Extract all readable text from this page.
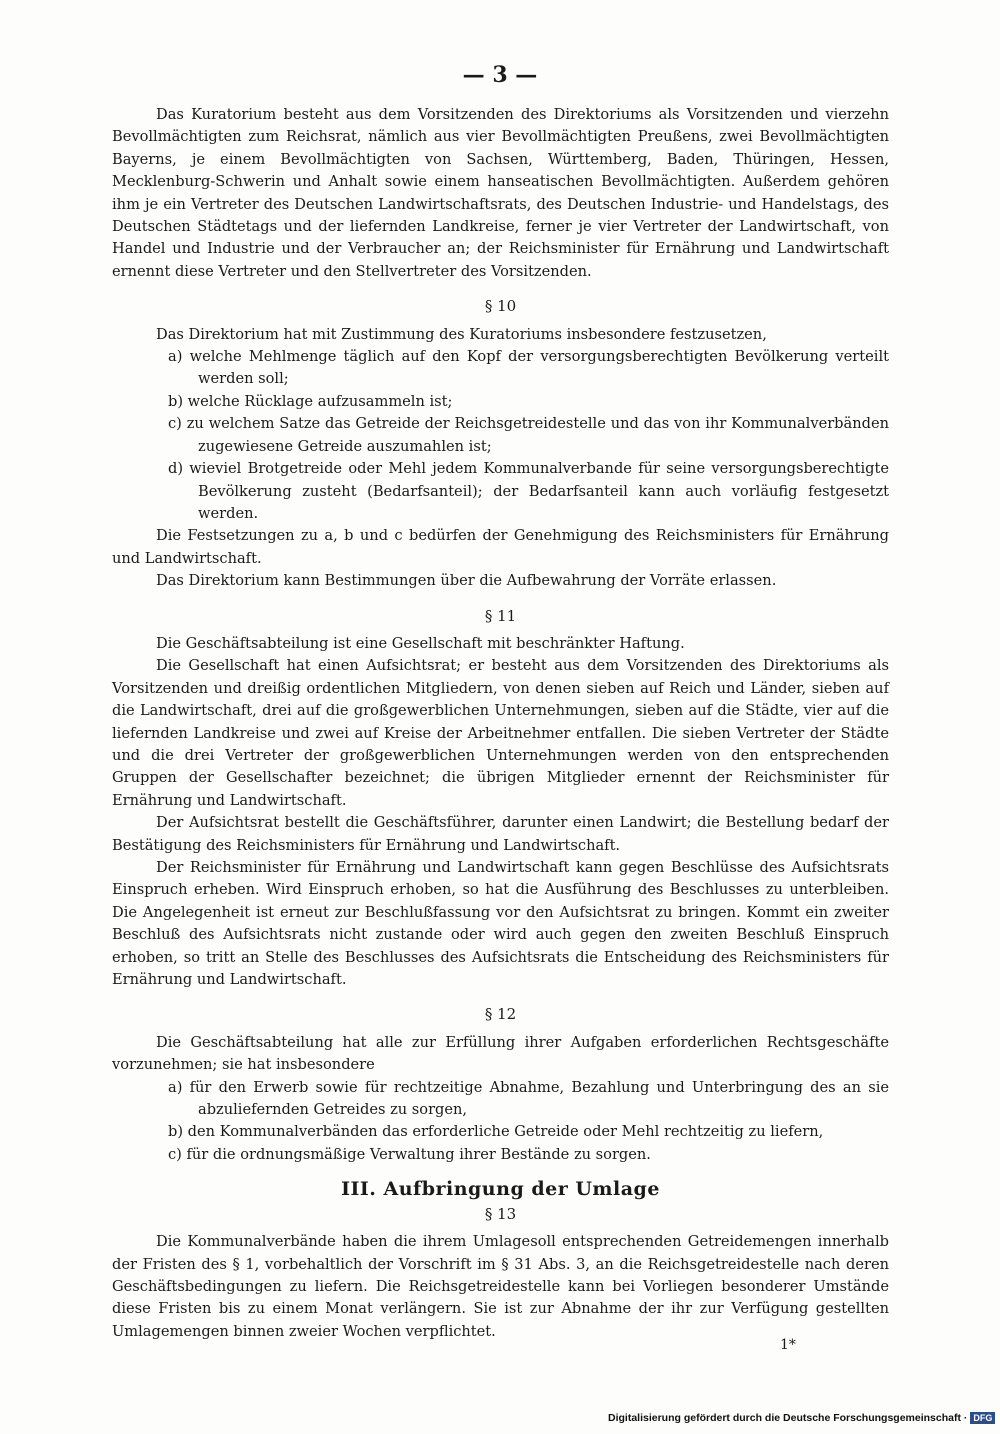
— 3 —

Das Kuratorium besteht aus dem Vorsitzenden des Direktoriums als Vorsitzenden und vierzehn Bevollmächtigten zum Reichsrat, nämlich aus vier Bevollmächtigten Preußens, zwei Bevollmächtigten Bayerns, je einem Bevollmächtigten von Sachsen, Württemberg, Baden, Thüringen, Hessen, Mecklenburg-Schwerin und Anhalt sowie einem hanseatischen Bevollmächtigten. Außerdem gehören ihm je ein Vertreter des Deutschen Landwirtschaftsrats, des Deutschen Industrie- und Handelstags, des Deutschen Städtetags und der liefernden Landkreise, ferner je vier Vertreter der Landwirtschaft, von Handel und Industrie und der Verbraucher an; der Reichsminister für Ernährung und Landwirtschaft ernennt diese Vertreter und den Stellvertreter des Vorsitzenden.

§ 10

Das Direktorium hat mit Zustimmung des Kuratoriums insbesondere festzusetzen,

a) welche Mehlmenge täglich auf den Kopf der versorgungsberechtigten Bevölkerung verteilt werden soll;

b) welche Rücklage aufzusammeln ist;

c) zu welchem Satze das Getreide der Reichsgetreidestelle und das von ihr Kommunalverbänden zugewiesene Getreide auszumahlen ist;

d) wieviel Brotgetreide oder Mehl jedem Kommunalverbande für seine versorgungsberechtigte Bevölkerung zusteht (Bedarfsanteil); der Bedarfsanteil kann auch vorläufig festgesetzt werden.

Die Festsetzungen zu a, b und c bedürfen der Genehmigung des Reichsministers für Ernährung und Landwirtschaft.

Das Direktorium kann Bestimmungen über die Aufbewahrung der Vorräte erlassen.

§ 11

Die Geschäftsabteilung ist eine Gesellschaft mit beschränkter Haftung.

Die Gesellschaft hat einen Aufsichtsrat; er besteht aus dem Vorsitzenden des Direktoriums als Vorsitzenden und dreißig ordentlichen Mitgliedern, von denen sieben auf Reich und Länder, sieben auf die Landwirtschaft, drei auf die großgewerblichen Unternehmungen, sieben auf die Städte, vier auf die liefernden Landkreise und zwei auf Kreise der Arbeitnehmer entfallen. Die sieben Vertreter der Städte und die drei Vertreter der großgewerblichen Unternehmungen werden von den entsprechenden Gruppen der Gesellschafter bezeichnet; die übrigen Mitglieder ernennt der Reichsminister für Ernährung und Landwirtschaft.

Der Aufsichtsrat bestellt die Geschäftsführer, darunter einen Landwirt; die Bestellung bedarf der Bestätigung des Reichsministers für Ernährung und Landwirtschaft.

Der Reichsminister für Ernährung und Landwirtschaft kann gegen Beschlüsse des Aufsichtsrats Einspruch erheben. Wird Einspruch erhoben, so hat die Ausführung des Beschlusses zu unterbleiben. Die Angelegenheit ist erneut zur Beschlußfassung vor den Aufsichtsrat zu bringen. Kommt ein zweiter Beschluß des Aufsichtsrats nicht zustande oder wird auch gegen den zweiten Beschluß Einspruch erhoben, so tritt an Stelle des Beschlusses des Aufsichtsrats die Entscheidung des Reichsministers für Ernährung und Landwirtschaft.

§ 12

Die Geschäftsabteilung hat alle zur Erfüllung ihrer Aufgaben erforderlichen Rechtsgeschäfte vorzunehmen; sie hat insbesondere

a) für den Erwerb sowie für rechtzeitige Abnahme, Bezahlung und Unterbringung des an sie abzuliefernden Getreides zu sorgen,

b) den Kommunalverbänden das erforderliche Getreide oder Mehl rechtzeitig zu liefern,

c) für die ordnungsmäßige Verwaltung ihrer Bestände zu sorgen.

III. Aufbringung der Umlage
§ 13

Die Kommunalverbände haben die ihrem Umlagesoll entsprechenden Getreidemengen innerhalb der Fristen des § 1, vorbehaltlich der Vorschrift im § 31 Abs. 3, an die Reichsgetreidestelle nach deren Geschäftsbedingungen zu liefern. Die Reichsgetreidestelle kann bei Vorliegen besonderer Umstände diese Fristen bis zu einem Monat verlängern. Sie ist zur Abnahme der ihr zur Verfügung gestellten Umlagemengen binnen zweier Wochen verpflichtet.

1*
Digitalisierung gefördert durch die Deutsche Forschungsgemeinschaft · DFG
